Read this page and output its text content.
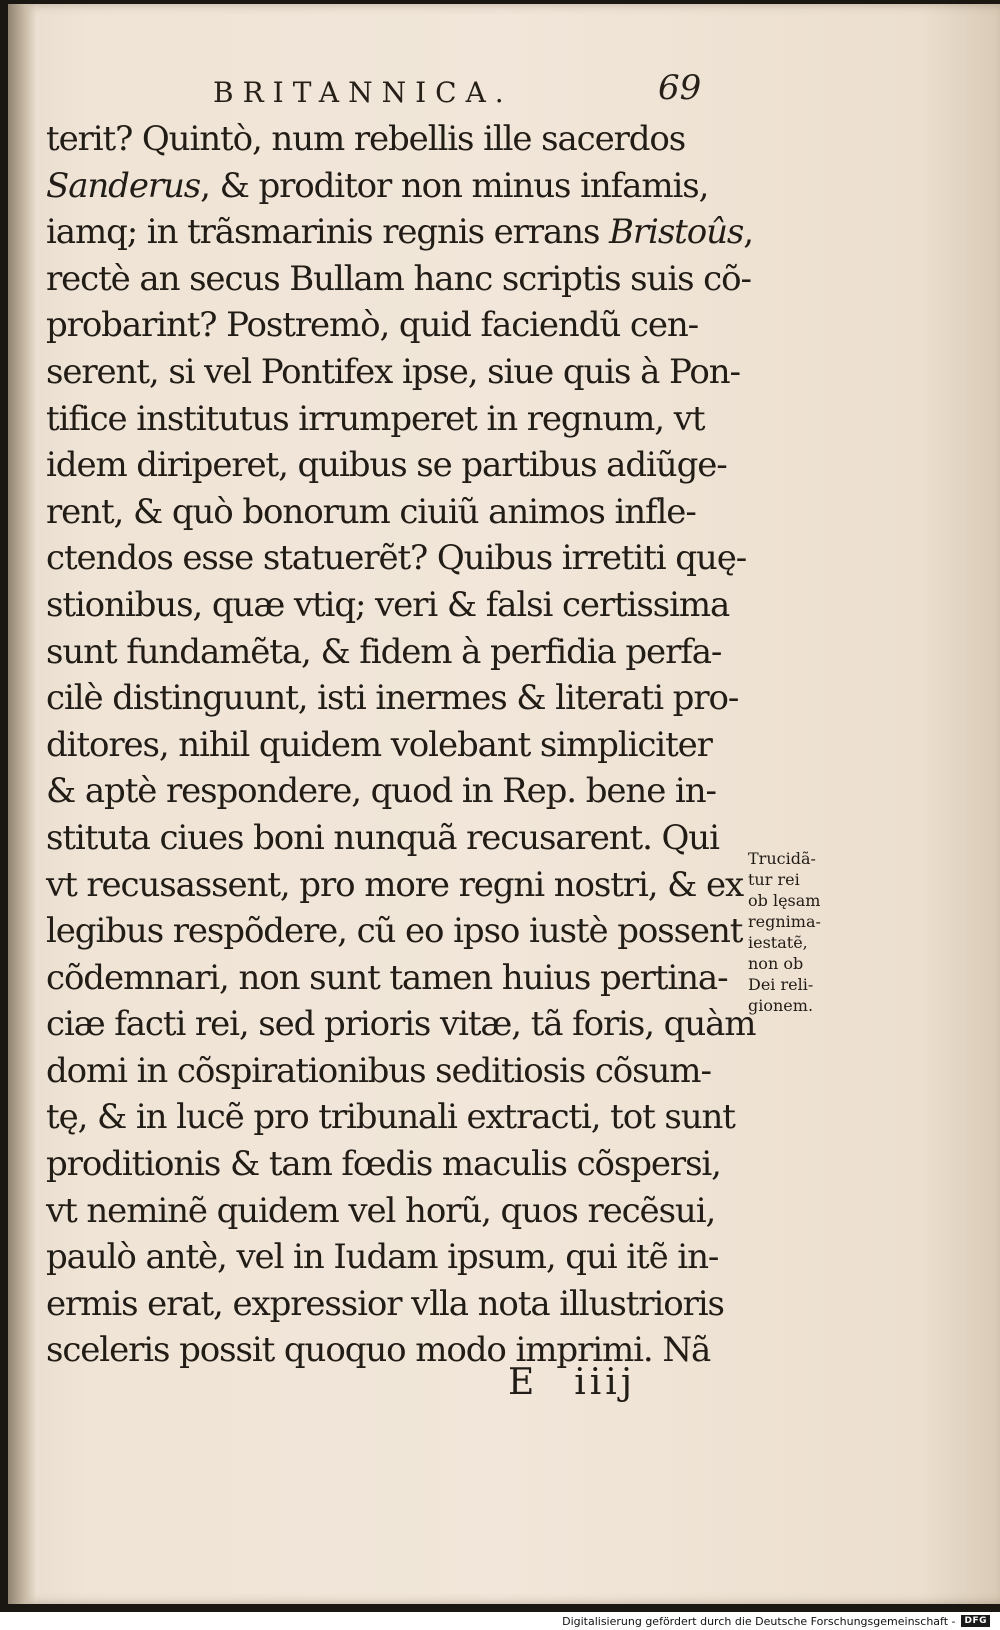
BRITANNICA.	69
terit? Quintò, num rebellis ille sacerdos
Sanderus, & proditor non minus infamis,
iamq; in trãsmarinis regnis errans Bristoûs,
rectè an secus Bullam hanc scriptis suis cõ-
probarint? Postremò, quid faciendũ cen-
serent, si vel Pontifex ipse, siue quis à Pon-
tifice institutus irrumperet in regnum, vt
idem diriperet, quibus se partibus adiũge-
rent, & quò bonorum ciuiũ animos infle-
ctendos esse statuerẽt? Quibus irretiti quę-
stionibus, quæ vtiq; veri & falsi certissima
sunt fundamẽta, & fidem à perfidia perfa-
cilè distinguunt, isti inermes & literati pro-
ditores, nihil quidem volebant simpliciter
& aptè respondere, quod in Rep. bene in-
stituta ciues boni nunquã recusarent. Qui
vt recusassent, pro more regni nostri, & ex
legibus respõdere, cũ eo ipso iustè possent
cõdemnari, non sunt tamen huius pertina-
ciæ facti rei, sed prioris vitæ, tã foris, quàm
domi in cõspirationibus seditiosis cõsum-
tę, & in lucẽ pro tribunali extracti, tot sunt
proditionis & tam fœdis maculis cõspersi,
vt neminẽ quidem vel horũ, quos recẽsui,
paulò antè, vel in Iudam ipsum, qui itẽ in-
ermis erat, expressior vlla nota illustrioris
sceleris possit quoquo modo imprimi. Nã
Trucidã-
tur rei
ob lęsam
regnima-
iestatẽ,
non ob
Dei reli-
gionem.
E iiij
Digitalisierung gefördert durch die Deutsche Forschungsgemeinschaft -	DFG
